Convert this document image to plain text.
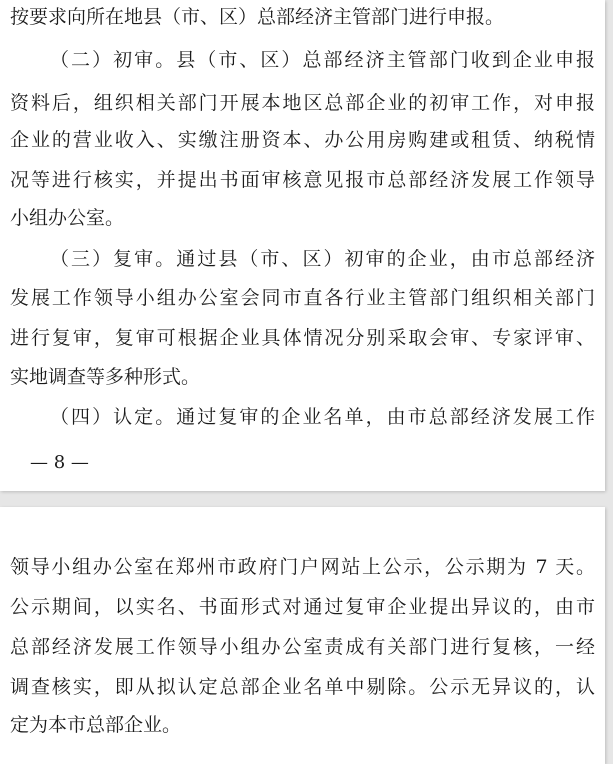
按要求向所在地县（市、区）总部经济主管部门进行申报。
（二）初审。县（市、区）总部经济主管部门收到企业申报
资料后，组织相关部门开展本地区总部企业的初审工作，对申报
企业的营业收入、实缴注册资本、办公用房购建或租赁、纳税情
况等进行核实，并提出书面审核意见报市总部经济发展工作领导
小组办公室。
（三）复审。通过县（市、区）初审的企业，由市总部经济
发展工作领导小组办公室会同市直各行业主管部门组织相关部门
进行复审，复审可根据企业具体情况分别采取会审、专家评审、
实地调查等多种形式。
（四）认定。通过复审的企业名单，由市总部经济发展工作
— 8 —
领导小组办公室在郑州市政府门户网站上公示，公示期为 7 天。
公示期间，以实名、书面形式对通过复审企业提出异议的，由市
总部经济发展工作领导小组办公室责成有关部门进行复核，一经
调查核实，即从拟认定总部企业名单中剔除。公示无异议的，认
定为本市总部企业。
